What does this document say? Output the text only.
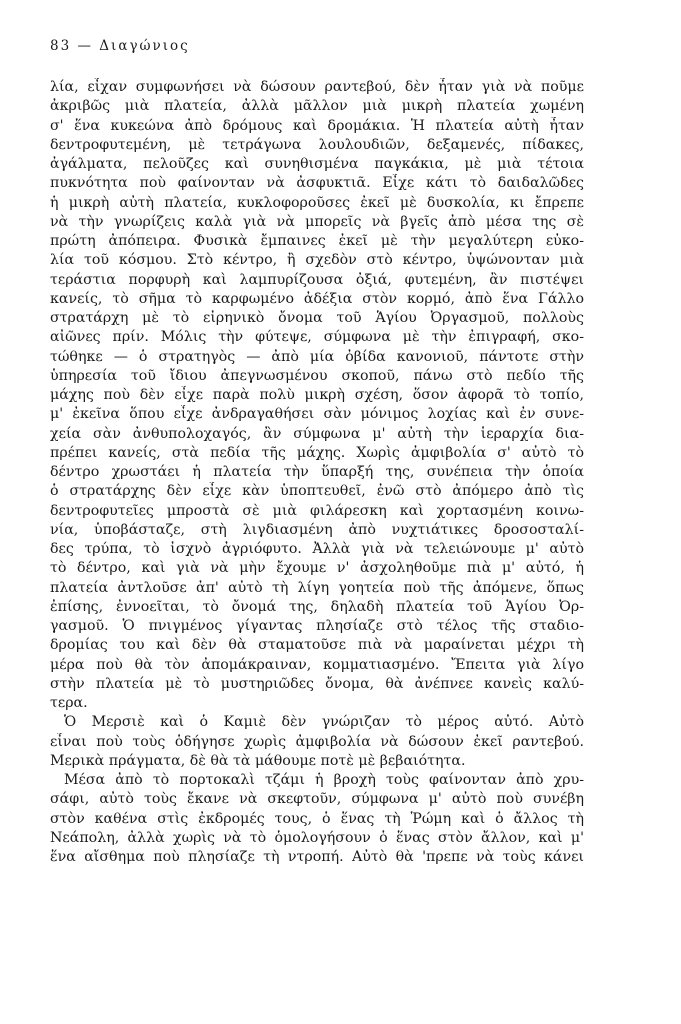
83 — Διαγώνιος
λία, εἶχαν συμφωνήσει νὰ δώσουν ραντεβού, δὲν ἦταν γιὰ νὰ ποῦμε
ἀκριβῶς μιὰ πλατεία, ἀλλὰ μᾶλλον μιὰ μικρὴ πλατεία χωμένη
σ' ἕνα κυκεώνα ἀπὸ δρόμους καὶ δρομάκια. Ἡ πλατεία αὐτὴ ἦταν
δεντροφυτεμένη, μὲ τετράγωνα λουλουδιῶν, δεξαμενές, πίδακες,
ἀγάλματα, πελοῦζες καὶ συνηθισμένα παγκάκια, μὲ μιὰ τέτοια
πυκνότητα ποὺ φαίνονταν νὰ ἀσφυκτιᾶ. Εἶχε κάτι τὸ δαιδαλῶδες
ἡ μικρὴ αὐτὴ πλατεία, κυκλοφοροῦσες ἐκεῖ μὲ δυσκολία, κι ἔπρεπε
νὰ τὴν γνωρίζεις καλὰ γιὰ νὰ μπορεῖς νὰ βγεῖς ἀπὸ μέσα της σὲ
πρώτη ἀπόπειρα. Φυσικὰ ἔμπαινες ἐκεῖ μὲ τὴν μεγαλύτερη εὐκο-
λία τοῦ κόσμου. Στὸ κέντρο, ἢ σχεδὸν στὸ κέντρο, ὑψώνονταν μιὰ
τεράστια πορφυρὴ καὶ λαμπυρίζουσα ὀξιά, φυτεμένη, ἂν πιστέψει
κανείς, τὸ σῆμα τὸ καρφωμένο ἀδέξια στὸν κορμό, ἀπὸ ἕνα Γάλλο
στρατάρχη μὲ τὸ εἰρηνικὸ ὄνομα τοῦ Ἁγίου Ὀργασμοῦ, πολλοὺς
αἰῶνες πρίν. Μόλις τὴν φύτεψε, σύμφωνα μὲ τὴν ἐπιγραφή, σκο-
τώθηκε — ὁ στρατηγὸς — ἀπὸ μία ὀβίδα κανονιοῦ, πάντοτε στὴν
ὑπηρεσία τοῦ ἴδιου ἀπεγνωσμένου σκοποῦ, πάνω στὸ πεδίο τῆς
μάχης ποὺ δὲν εἶχε παρὰ πολὺ μικρὴ σχέση, ὅσον ἀφορᾶ τὸ τοπίο,
μ' ἐκεῖνα ὅπου εἶχε ἀνδραγαθήσει σὰν μόνιμος λοχίας καὶ ἐν συνε-
χεία σὰν ἀνθυπολοχαγός, ἂν σύμφωνα μ' αὐτὴ τὴν ἱεραρχία δια-
πρέπει κανείς, στὰ πεδία τῆς μάχης. Χωρὶς ἀμφιβολία σ' αὐτὸ τὸ
δέντρο χρωστάει ἡ πλατεία τὴν ὕπαρξή της, συνέπεια τὴν ὁποία
ὁ στρατάρχης δὲν εἶχε κὰν ὑποπτευθεῖ, ἐνῶ στὸ ἀπόμερο ἀπὸ τὶς
δεντροφυτεῖες μπροστὰ σὲ μιὰ φιλάρεσκη καὶ χορτασμένη κοινω-
νία, ὑποβάσταζε, στὴ λιγδιασμένη ἀπὸ νυχτιάτικες δροσοσταλί-
δες τρύπα, τὸ ἰσχνὸ ἀγριόφυτο. Ἀλλὰ γιὰ νὰ τελειώνουμε μ' αὐτὸ
τὸ δέντρο, καὶ γιὰ νὰ μὴν ἔχουμε ν' ἀσχοληθοῦμε πιὰ μ' αὐτό, ἡ
πλατεία ἀντλοῦσε ἀπ' αὐτὸ τὴ λίγη γοητεία ποὺ τῆς ἀπόμενε, ὅπως
ἐπίσης, ἐννοεῖται, τὸ ὄνομά της, δηλαδὴ πλατεία τοῦ Ἁγίου Ὀρ-
γασμοῦ. Ὁ πνιγμένος γίγαντας πλησίαζε στὸ τέλος τῆς σταδιο-
δρομίας του καὶ δὲν θὰ σταματοῦσε πιὰ νὰ μαραίνεται μέχρι τὴ
μέρα ποὺ θὰ τὸν ἀπομάκραιναν, κομματιασμένο. Ἔπειτα γιὰ λίγο
στὴν πλατεία μὲ τὸ μυστηριῶδες ὄνομα, θὰ ἀνέπνεε κανεὶς καλύ-
τερα.
Ὁ Μερσιὲ καὶ ὁ Καμιὲ δὲν γνώριζαν τὸ μέρος αὐτό. Αὐτὸ
εἶναι ποὺ τοὺς ὁδήγησε χωρὶς ἀμφιβολία νὰ δώσουν ἐκεῖ ραντεβού.
Μερικὰ πράγματα, δὲ θὰ τὰ μάθουμε ποτὲ μὲ βεβαιότητα.
Μέσα ἀπὸ τὸ πορτοκαλὶ τζάμι ἡ βροχὴ τοὺς φαίνονταν ἀπὸ χρυ-
σάφι, αὐτὸ τοὺς ἔκανε νὰ σκεφτοῦν, σύμφωνα μ' αὐτὸ ποὺ συνέβη
στὸν καθένα στὶς ἐκδρομές τους, ὁ ἕνας τὴ Ῥώμη καὶ ὁ ἄλλος τὴ
Νεάπολη, ἀλλὰ χωρὶς νὰ τὸ ὁμολογήσουν ὁ ἕνας στὸν ἄλλον, καὶ μ'
ἕνα αἴσθημα ποὺ πλησίαζε τὴ ντροπή. Αὐτὸ θὰ 'πρεπε νὰ τοὺς κάνει
